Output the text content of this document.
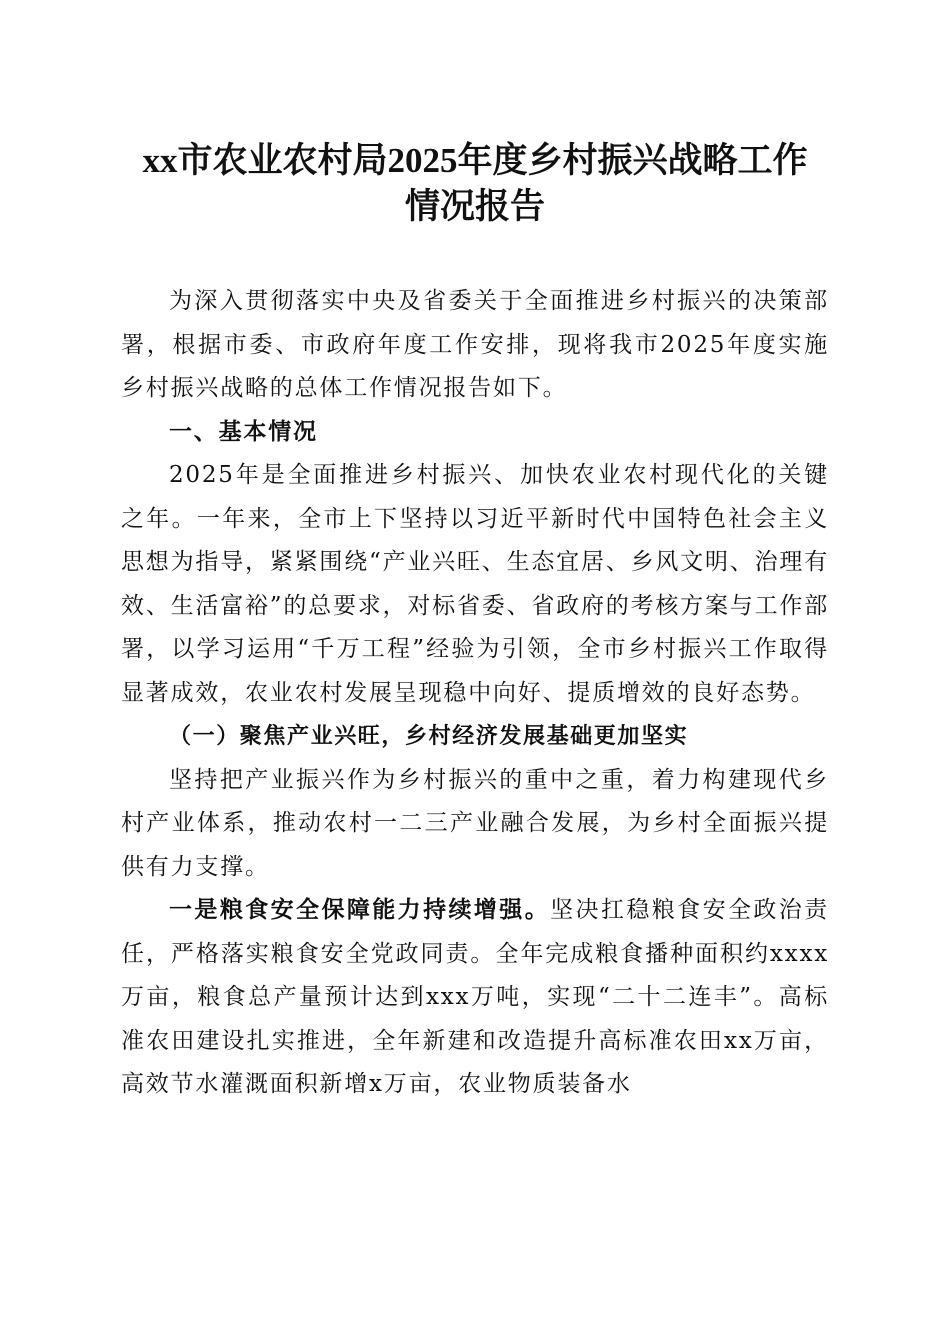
xx市农业农村局2025年度乡村振兴战略工作
情况报告

为深入贯彻落实中央及省委关于全面推进乡村振兴的决策部署，根据市委、市政府年度工作安排，现将我市2025年度实施乡村振兴战略的总体工作情况报告如下。

一、基本情况

2025年是全面推进乡村振兴、加快农业农村现代化的关键之年。一年来，全市上下坚持以习近平新时代中国特色社会主义思想为指导，紧紧围绕“产业兴旺、生态宜居、乡风文明、治理有效、生活富裕”的总要求，对标省委、省政府的考核方案与工作部署，以学习运用“千万工程”经验为引领，全市乡村振兴工作取得显著成效，农业农村发展呈现稳中向好、提质增效的良好态势。

（一）聚焦产业兴旺，乡村经济发展基础更加坚实

坚持把产业振兴作为乡村振兴的重中之重，着力构建现代乡村产业体系，推动农村一二三产业融合发展，为乡村全面振兴提供有力支撑。

一是粮食安全保障能力持续增强。坚决扛稳粮食安全政治责任，严格落实粮食安全党政同责。全年完成粮食播种面积约xxxx万亩，粮食总产量预计达到xxx万吨，实现“二十二连丰”。高标准农田建设扎实推进，全年新建和改造提升高标准农田xx万亩，高效节水灌溉面积新增x万亩，农业物质装备水
